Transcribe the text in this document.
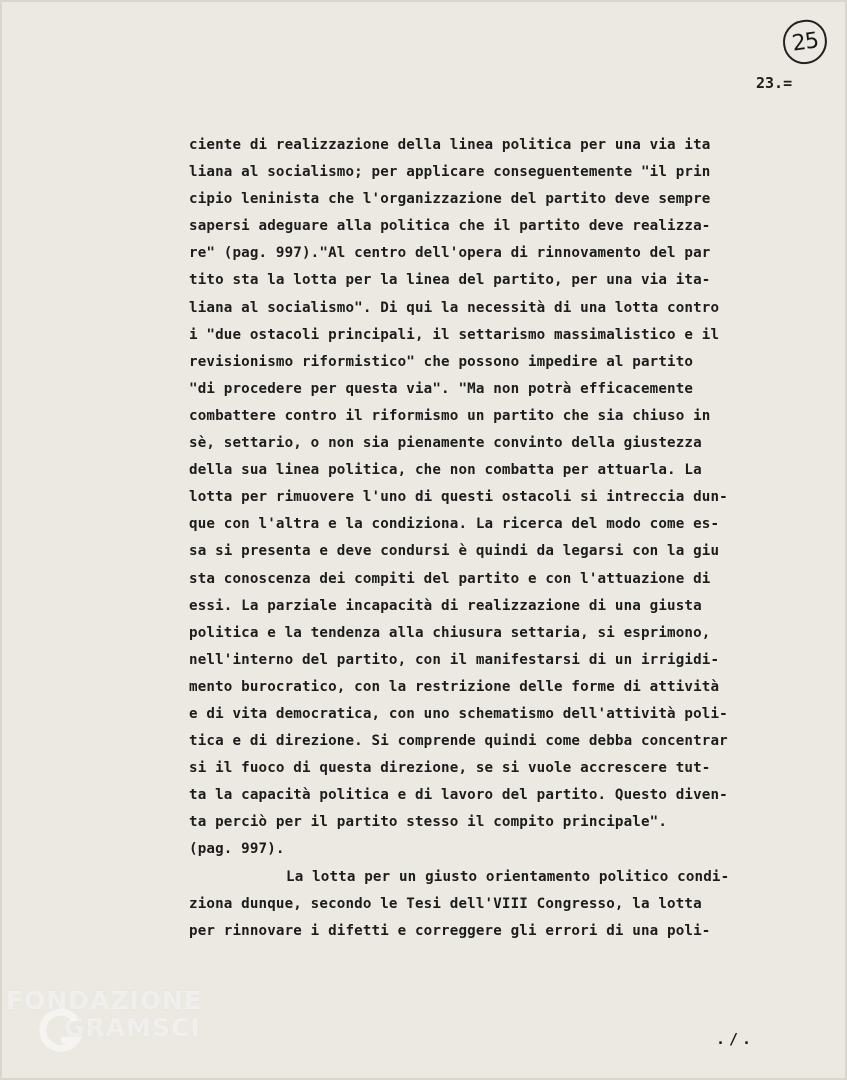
25
23.=
ciente di realizzazione della linea politica per una via ita
liana al socialismo; per applicare conseguentemente "il prin
cipio leninista che l'organizzazione del partito deve sempre
sapersi adeguare alla politica che il partito deve realizza-
re" (pag. 997)."Al centro dell'opera di rinnovamento del par
tito sta la lotta per la linea del partito, per una via ita-
liana al socialismo". Di qui la necessità di una lotta contro
i "due ostacoli principali, il settarismo massimalistico e il
revisionismo riformistico" che possono impedire al partito
"di procedere per questa via". "Ma non potrà efficacemente
combattere contro il riformismo un partito che sia chiuso in
sè, settario, o non sia pienamente convinto della giustezza
della sua linea politica, che non combatta per attuarla. La
lotta per rimuovere l'uno di questi ostacoli si intreccia dun-
que con l'altra e la condiziona. La ricerca del modo come es-
sa si presenta e deve condursi è quindi da legarsi con la giu
sta conoscenza dei compiti del partito e con l'attuazione di
essi. La parziale incapacità di realizzazione di una giusta
politica e la tendenza alla chiusura settaria, si esprimono,
nell'interno del partito, con il manifestarsi di un irrigidi-
mento burocratico, con la restrizione delle forme di attività
e di vita democratica, con uno schematismo dell'attività poli-
tica e di direzione. Si comprende quindi come debba concentrar
si il fuoco di questa direzione, se si vuole accrescere tut-
ta la capacità politica e di lavoro del partito. Questo diven-
ta perciò per il partito stesso il compito principale".
(pag. 997).
La lotta per un giusto orientamento politico condi-
ziona dunque, secondo le Tesi dell'VIII Congresso, la lotta
per rinnovare i difetti e correggere gli errori di una poli-
FONDAZIONE
GRAMSCI	./.
